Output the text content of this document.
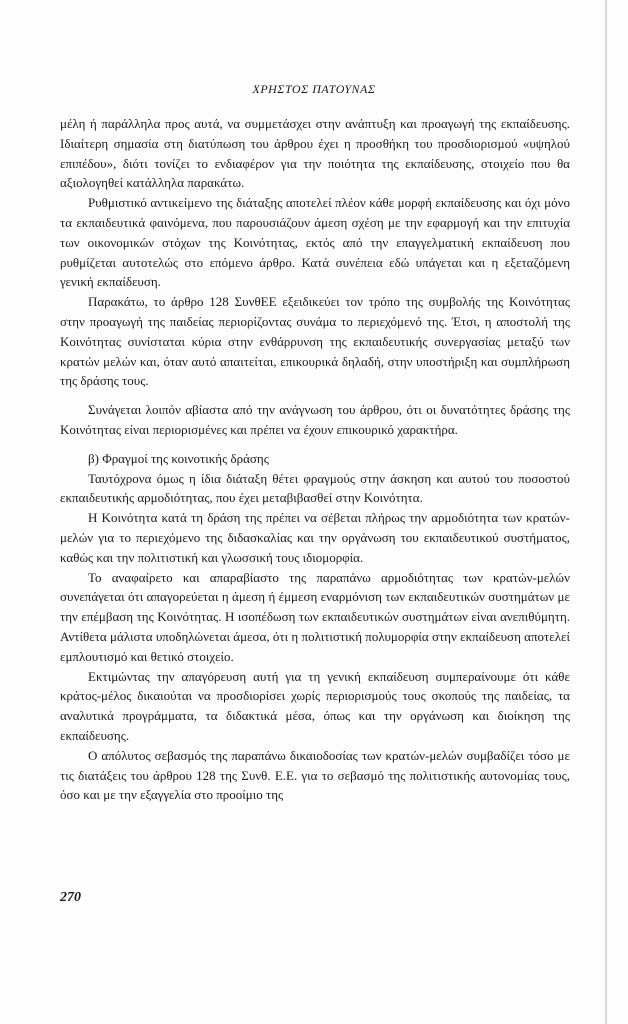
ΧΡΗΣΤΟΣ ΠΑΤΟΥΝΑΣ

μέλη ή παράλληλα προς αυτά, να συμμετάσχει στην ανάπτυξη και προαγωγή της εκπαίδευσης. Ιδιαίτερη σημασία στη διατύπωση του άρθρου έχει η προσθήκη του προσδιορισμού «υψηλού επιπέδου», διότι τονίζει το ενδιαφέρον για την ποιότητα της εκπαίδευσης, στοιχείο που θα αξιολογηθεί κατάλληλα παρακάτω.

Ρυθμιστικό αντικείμενο της διάταξης αποτελεί πλέον κάθε μορφή εκπαίδευσης και όχι μόνο τα εκπαιδευτικά φαινόμενα, που παρουσιάζουν άμεση σχέση με την εφαρμογή και την επιτυχία των οικονομικών στόχων της Κοινότητας, εκτός από την επαγγελματική εκπαίδευση που ρυθμίζεται αυτοτελώς στο επόμενο άρθρο. Κατά συνέπεια εδώ υπάγεται και η εξεταζόμενη γενική εκπαίδευση.

Παρακάτω, το άρθρο 128 ΣυνθΕΕ εξειδικεύει τον τρόπο της συμβολής της Κοινότητας στην προαγωγή της παιδείας περιορίζοντας συνάμα το περιεχόμενό της. Έτσι, η αποστολή της Κοινότητας συνίσταται κύρια στην ενθάρρυνση της εκπαιδευτικής συνεργασίας μεταξύ των κρατών μελών και, όταν αυτό απαιτείται, επικουρικά δηλαδή, στην υποστήριξη και συμπλήρωση της δράσης τους.

Συνάγεται λοιπόν αβίαστα από την ανάγνωση του άρθρου, ότι οι δυνατότητες δράσης της Κοινότητας είναι περιορισμένες και πρέπει να έχουν επικουρικό χαρακτήρα.

β) Φραγμοί της κοινοτικής δράσης

Ταυτόχρονα όμως η ίδια διάταξη θέτει φραγμούς στην άσκηση και αυτού του ποσοστού εκπαιδευτικής αρμοδιότητας, που έχει μεταβιβασθεί στην Κοινότητα.

Η Κοινότητα κατά τη δράση της πρέπει να σέβεται πλήρως την αρμοδιότητα των κρατών-μελών για το περιεχόμενο της διδασκαλίας και την οργάνωση του εκπαιδευτικού συστήματος, καθώς και την πολιτιστική και γλωσσική τους ιδιομορφία.

Το αναφαίρετο και απαραβίαστο της παραπάνω αρμοδιότητας των κρατών-μελών συνεπάγεται ότι απαγορεύεται η άμεση ή έμμεση εναρμόνιση των εκπαιδευτικών συστημάτων με την επέμβαση της Κοινότητας. Η ισοπέδωση των εκπαιδευτικών συστημάτων είναι ανεπιθύμητη. Αντίθετα μάλιστα υποδηλώνεται άμεσα, ότι η πολιτιστική πολυμορφία στην εκπαίδευση αποτελεί εμπλουτισμό και θετικό στοιχείο.

Εκτιμώντας την απαγόρευση αυτή για τη γενική εκπαίδευση συμπεραίνουμε ότι κάθε κράτος-μέλος δικαιούται να προσδιορίσει χωρίς περιορισμούς τους σκοπούς της παιδείας, τα αναλυτικά προγράμματα, τα διδακτικά μέσα, όπως και την οργάνωση και διοίκηση της εκπαίδευσης.

Ο απόλυτος σεβασμός της παραπάνω δικαιοδοσίας των κρατών-μελών συμβαδίζει τόσο με τις διατάξεις του άρθρου 128 της Συνθ. Ε.Ε. για το σεβασμό της πολιτιστικής αυτονομίας τους, όσο και με την εξαγγελία στο προοίμιο της

270
